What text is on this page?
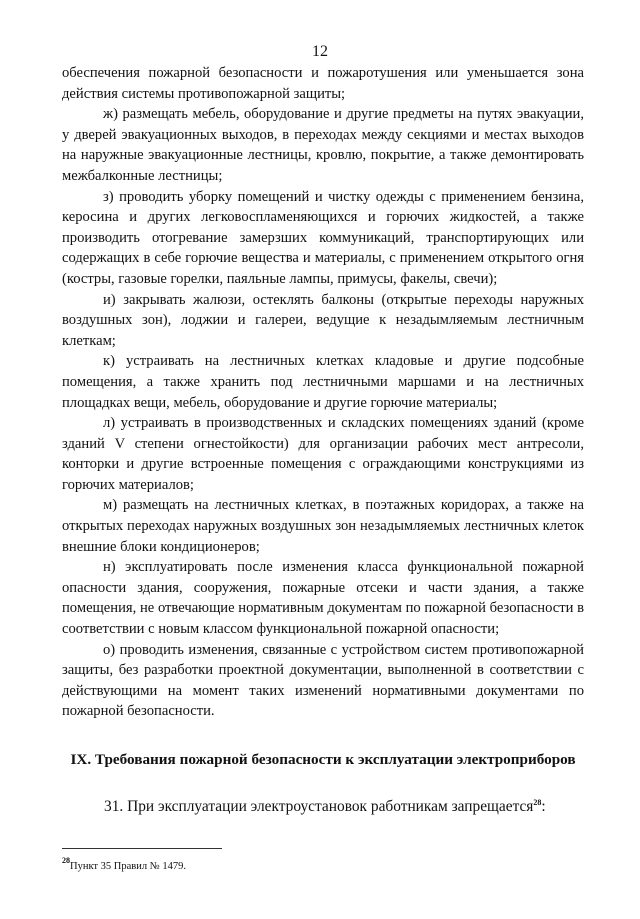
12

обеспечения пожарной безопасности и пожаротушения или уменьшается зона действия системы противопожарной защиты;

ж) размещать мебель, оборудование и другие предметы на путях эвакуации, у дверей эвакуационных выходов, в переходах между секциями и местах выходов на наружные эвакуационные лестницы, кровлю, покрытие, а также демонтировать межбалконные лестницы;

з) проводить уборку помещений и чистку одежды с применением бензина, керосина и других легковоспламеняющихся и горючих жидкостей, а также производить отогревание замерзших коммуникаций, транспортирующих или содержащих в себе горючие вещества и материалы, с применением открытого огня (костры, газовые горелки, паяльные лампы, примусы, факелы, свечи);

и) закрывать жалюзи, остеклять балконы (открытые переходы наружных воздушных зон), лоджии и галереи, ведущие к незадымляемым лестничным клеткам;

к) устраивать на лестничных клетках кладовые и другие подсобные помещения, а также хранить под лестничными маршами и на лестничных площадках вещи, мебель, оборудование и другие горючие материалы;

л) устраивать в производственных и складских помещениях зданий (кроме зданий V степени огнестойкости) для организации рабочих мест антресоли, конторки и другие встроенные помещения с ограждающими конструкциями из горючих материалов;

м) размещать на лестничных клетках, в поэтажных коридорах, а также на открытых переходах наружных воздушных зон незадымляемых лестничных клеток внешние блоки кондиционеров;

н) эксплуатировать после изменения класса функциональной пожарной опасности здания, сооружения, пожарные отсеки и части здания, а также помещения, не отвечающие нормативным документам по пожарной безопасности в соответствии с новым классом функциональной пожарной опасности;

о) проводить изменения, связанные с устройством систем противопожарной защиты, без разработки проектной документации, выполненной в соответствии с действующими на момент таких изменений нормативными документами по пожарной безопасности.

IX. Требования пожарной безопасности к эксплуатации электроприборов
31. При эксплуатации электроустановок работникам запрещается$^{28}$:
$^{28}$Пункт 35 Правил № 1479.
